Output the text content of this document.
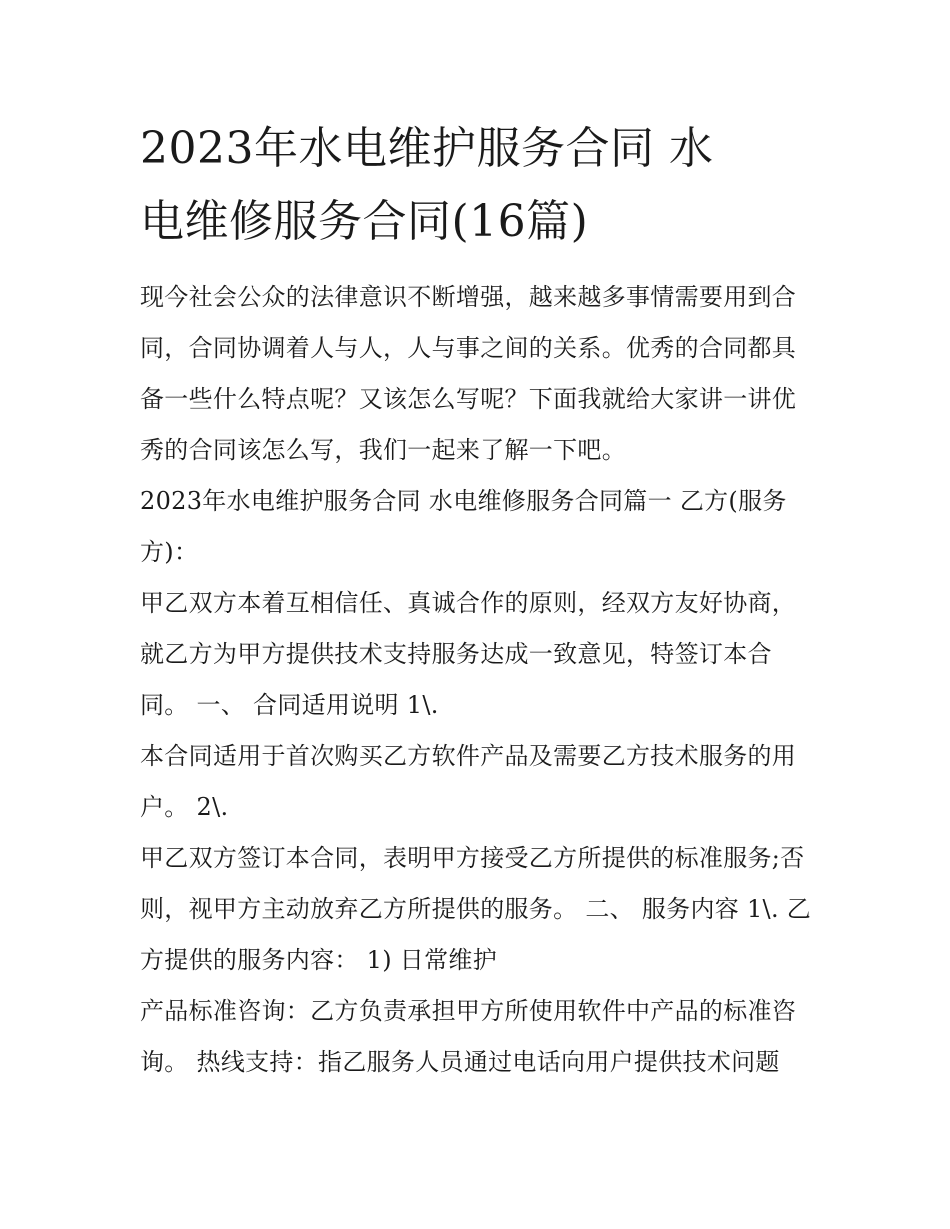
2023年水电维护服务合同 水
电维修服务合同(16篇)

现今社会公众的法律意识不断增强，越来越多事情需要用到合同，合同协调着人与人，人与事之间的关系。优秀的合同都具备一些什么特点呢？又该怎么写呢？下面我就给大家讲一讲优秀的合同该怎么写，我们一起来了解一下吧。

2023年水电维护服务合同 水电维修服务合同篇一 乙方(服务方)：

甲乙双方本着互相信任、真诚合作的原则，经双方友好协商，就乙方为甲方提供技术支持服务达成一致意见，特签订本合同。 一、 合同适用说明 1\.

本合同适用于首次购买乙方软件产品及需要乙方技术服务的用户。 2\.

甲乙双方签订本合同，表明甲方接受乙方所提供的标准服务;否则，视甲方主动放弃乙方所提供的服务。 二、 服务内容 1\. 乙方提供的服务内容： 1) 日常维护

产品标准咨询：乙方负责承担甲方所使用软件中产品的标准咨询。 热线支持：指乙服务人员通过电话向用户提供技术问题
